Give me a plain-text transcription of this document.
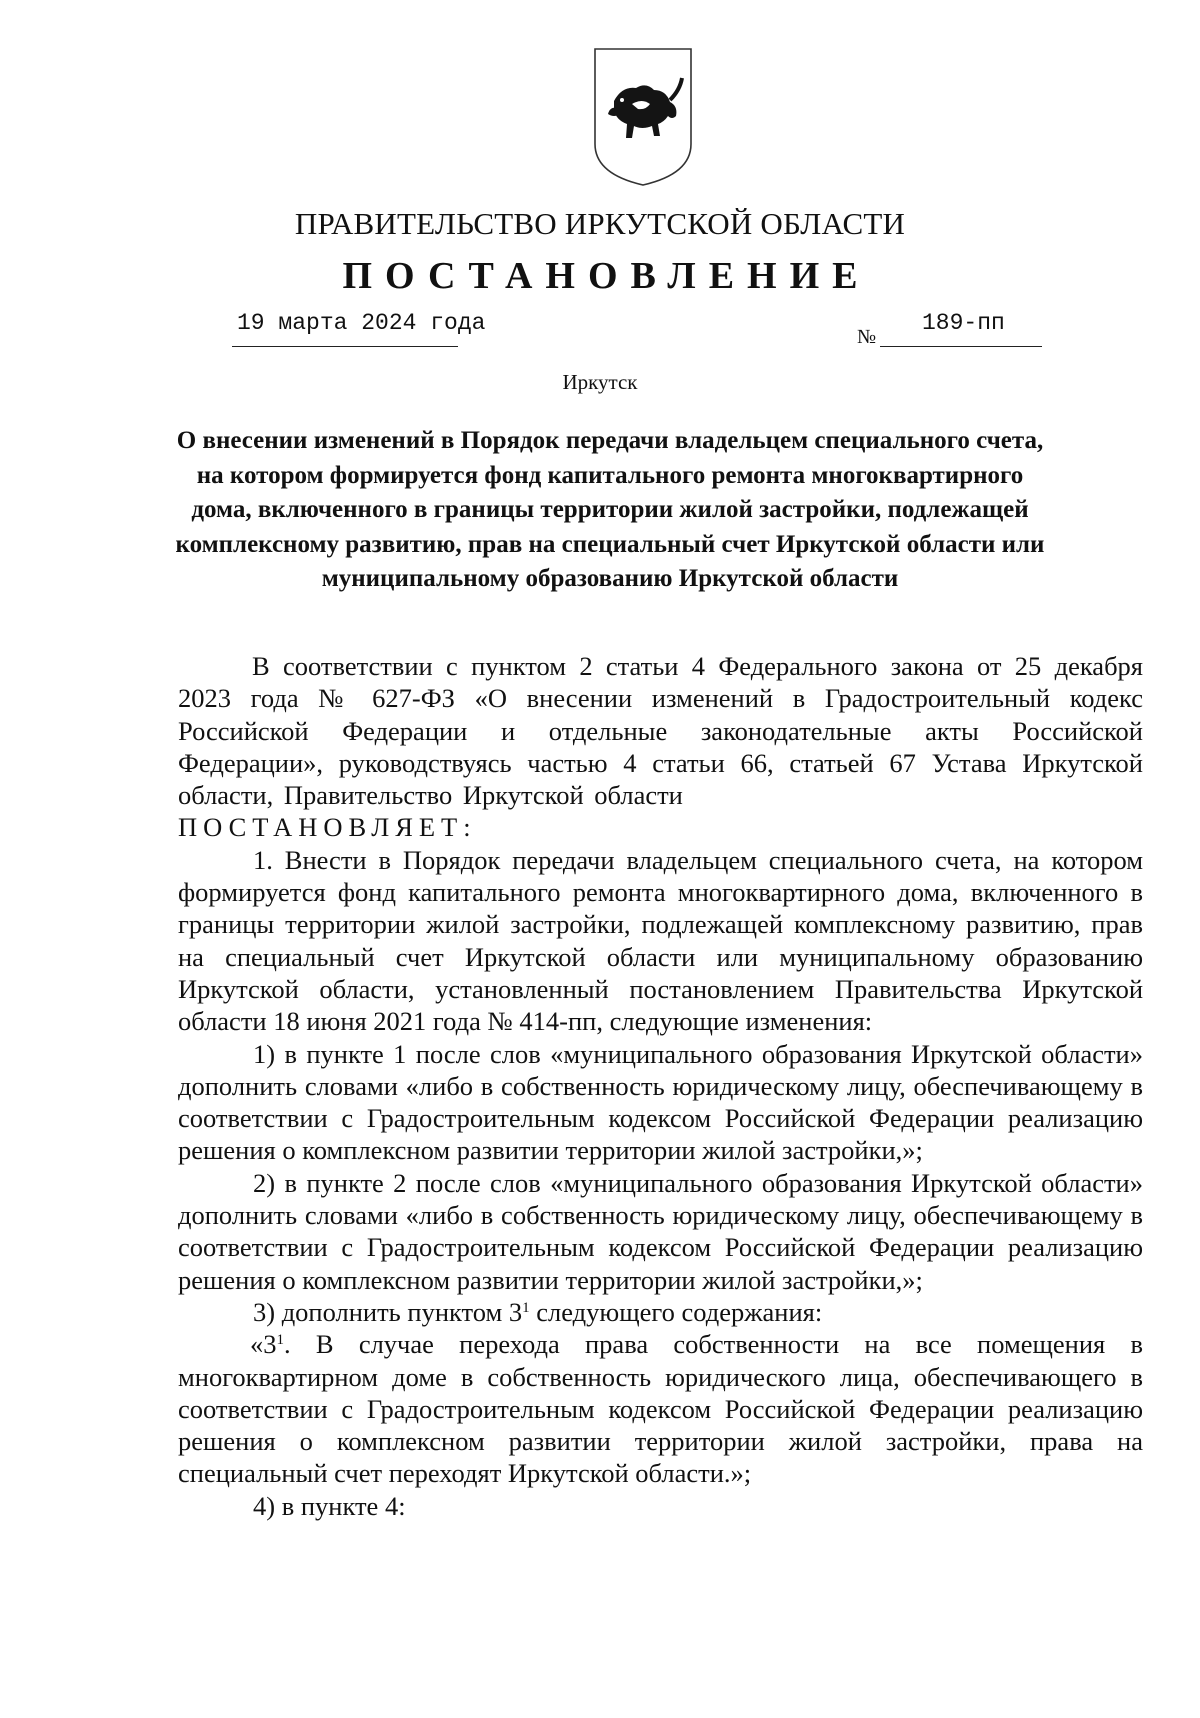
ПРАВИТЕЛЬСТВО ИРКУТСКОЙ ОБЛАСТИ
ПОСТАНОВЛЕНИЕ
19 марта 2024 года
№
189-пп
Иркутск
О внесении изменений в Порядок передачи владельцем специального счета, на котором формируется фонд капитального ремонта многоквартирного дома, включенного в границы территории жилой застройки, подлежащей комплексному развитию, прав на специальный счет Иркутской области или муниципальному образованию Иркутской области

В соответствии с пунктом 2 статьи 4 Федерального закона от 25 декабря 2023 года № 627-ФЗ «О внесении изменений в Градостроительный кодекс Российской Федерации и отдельные законодательные акты Российской Федерации», руководствуясь частью 4 статьи 66, статьей 67 Устава Иркутской области, Правительство Иркутской области

ПОСТАНОВЛЯЕТ:

1. Внести в Порядок передачи владельцем специального счета, на котором формируется фонд капитального ремонта многоквартирного дома, включенного в границы территории жилой застройки, подлежащей комплексному развитию, прав на специальный счет Иркутской области или муниципальному образованию Иркутской области, установленный постановлением Правительства Иркутской области 18 июня 2021 года № 414-пп, следующие изменения:

1) в пункте 1 после слов «муниципального образования Иркутской области» дополнить словами «либо в собственность юридическому лицу, обеспечивающему в соответствии с Градостроительным кодексом Российской Федерации реализацию решения о комплексном развитии территории жилой застройки,»;

2) в пункте 2 после слов «муниципального образования Иркутской области» дополнить словами «либо в собственность юридическому лицу, обеспечивающему в соответствии с Градостроительным кодексом Российской Федерации реализацию решения о комплексном развитии территории жилой застройки,»;

3) дополнить пунктом $3^1$ следующего содержания:

«$3^1$. В случае перехода права собственности на все помещения в многоквартирном доме в собственность юридического лица, обеспечивающего в соответствии с Градостроительным кодексом Российской Федерации реализацию решения о комплексном развитии территории жилой застройки, права на специальный счет переходят Иркутской области.»;

4) в пункте 4:
